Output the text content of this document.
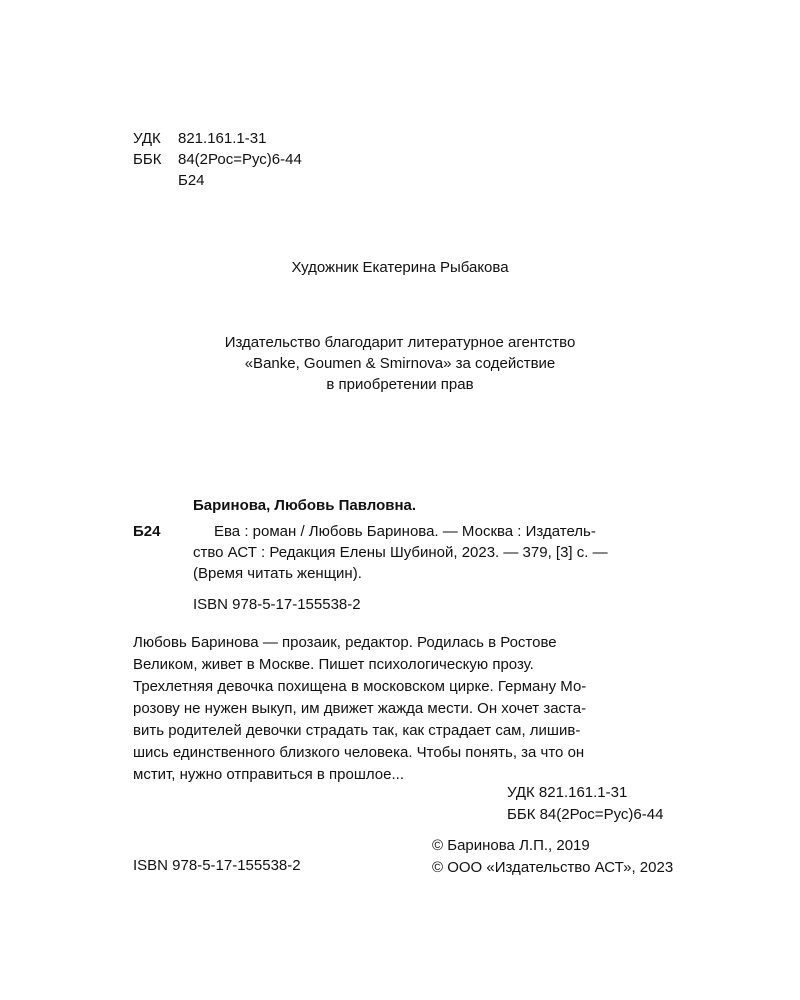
УДК	821.161.1-31
ББК	84(2Рос=Рус)6-44
Б24
Художник Екатерина Рыбакова
Издательство благодарит литературное агентство
«Banke, Goumen & Smirnova» за содействие
в приобретении прав
Баринова, Любовь Павловна.
Б24	Ева : роман / Любовь Баринова. — Москва : Издатель-
ство АСТ : Редакция Елены Шубиной, 2023. — 379, [3] с. —
(Время читать женщин).
ISBN 978-5-17-155538-2
Любовь Баринова — прозаик, редактор. Родилась в Ростове
Великом, живет в Москве. Пишет психологическую прозу.
Трехлетняя девочка похищена в московском цирке. Герману Мо-
розову не нужен выкуп, им движет жажда мести. Он хочет заста-
вить родителей девочки страдать так, как страдает сам, лишив-
шись единственного близкого человека. Чтобы понять, за что он
мстит, нужно отправиться в прошлое...
УДК 821.161.1-31
ББК 84(2Рос=Рус)6-44
© Баринова Л.П., 2019
© ООО «Издательство АСТ», 2023
ISBN 978-5-17-155538-2
